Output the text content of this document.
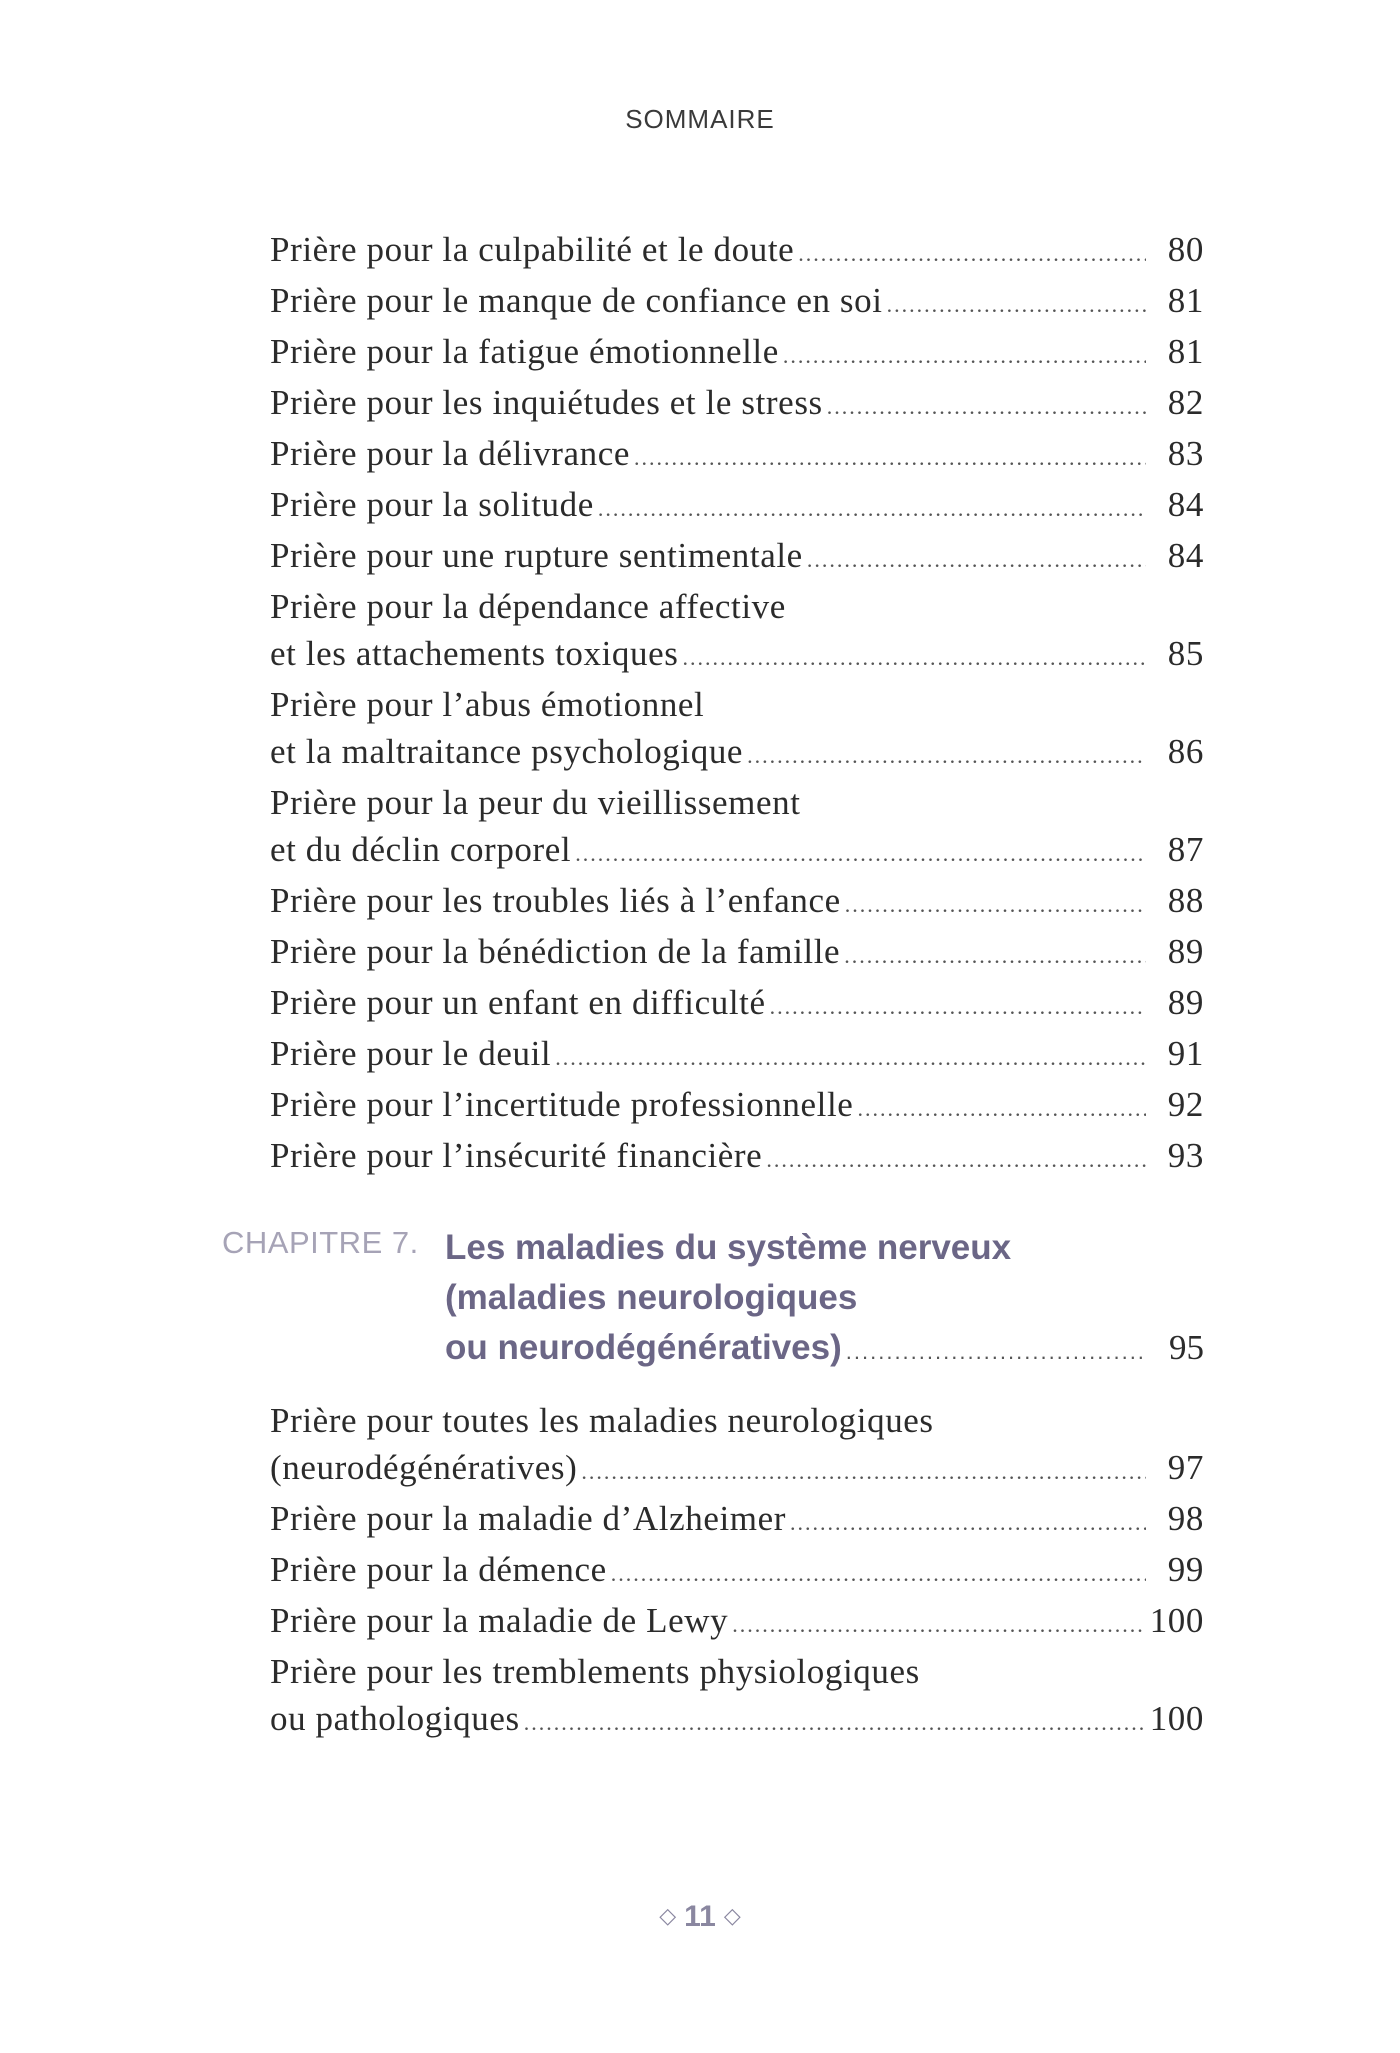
SOMMAIRE
Prière pour la culpabilité et le doute .....	80
Prière pour le manque de confiance en soi .....	81
Prière pour la fatigue émotionnelle .....	81
Prière pour les inquiétudes et le stress .....	82
Prière pour la délivrance .....	83
Prière pour la solitude .....	84
Prière pour une rupture sentimentale .....	84
Prière pour la dépendance affective
et les attachements toxiques .....	85
Prière pour l’abus émotionnel
et la maltraitance psychologique .....	86
Prière pour la peur du vieillissement
et du déclin corporel .....	87
Prière pour les troubles liés à l’enfance .....	88
Prière pour la bénédiction de la famille .....	89
Prière pour un enfant en difficulté .....	89
Prière pour le deuil .....	91
Prière pour l’incertitude professionnelle .....	92
Prière pour l’insécurité financière .....	93
CHAPITRE 7. Les maladies du système nerveux
(maladies neurologiques
ou neurodégénératives) .....	95
Prière pour toutes les maladies neurologiques
(neurodégénératives) .....	97
Prière pour la maladie d’Alzheimer .....	98
Prière pour la démence .....	99
Prière pour la maladie de Lewy .....	100
Prière pour les tremblements physiologiques
ou pathologiques .....	100
◇ 11 ◇
